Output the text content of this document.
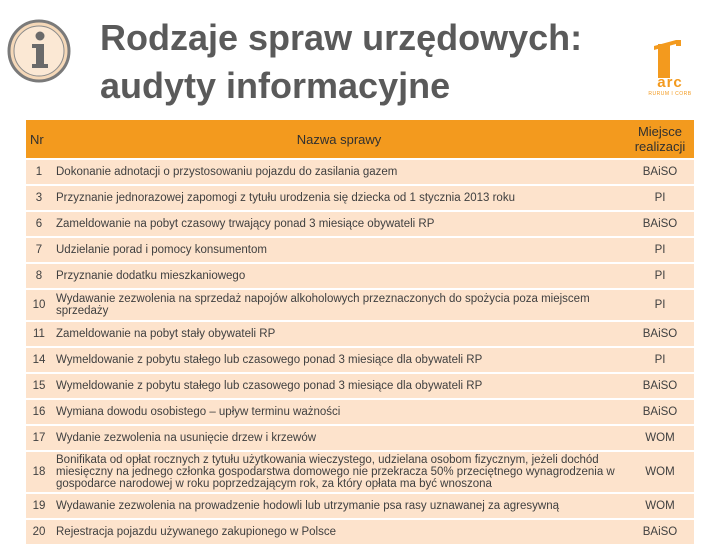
Rodzaje spraw urzędowych:
audyty informacyjne	arc
RURUM I CORB
Nr	Nazwa sprawy	Miejsce
realizacji
1	Dokonanie adnotacji o przystosowaniu pojazdu do zasilania gazem	BAiSO
3	Przyznanie jednorazowej zapomogi z tytułu urodzenia się dziecka od 1 stycznia 2013 roku	PI
6	Zameldowanie na pobyt czasowy trwający ponad 3 miesiące obywateli RP	BAiSO
7	Udzielanie porad i pomocy konsumentom	PI
8	Przyznanie dodatku mieszkaniowego	PI
10	Wydawanie zezwolenia na sprzedaż napojów alkoholowych przeznaczonych do spożycia poza miejscem sprzedaży	PI
11	Zameldowanie na pobyt stały obywateli RP	BAiSO
14	Wymeldowanie z pobytu stałego lub czasowego ponad 3 miesiące dla obywateli RP	PI
15	Wymeldowanie z pobytu stałego lub czasowego ponad 3 miesiące dla obywateli RP	BAiSO
16	Wymiana dowodu osobistego – upływ terminu ważności	BAiSO
17	Wydanie zezwolenia na usunięcie drzew i krzewów	WOM
18	Bonifikata od opłat rocznych z tytułu użytkowania wieczystego, udzielana osobom fizycznym, jeżeli dochód miesięczny na jednego członka gospodarstwa domowego nie przekracza 50% przeciętnego wynagrodzenia w gospodarce narodowej w roku poprzedzającym rok, za który opłata ma być wnoszona	WOM
19	Wydawanie zezwolenia na prowadzenie hodowli lub utrzymanie psa rasy uznawanej za agresywną	WOM
20	Rejestracja pojazdu używanego zakupionego w Polsce	BAiSO
